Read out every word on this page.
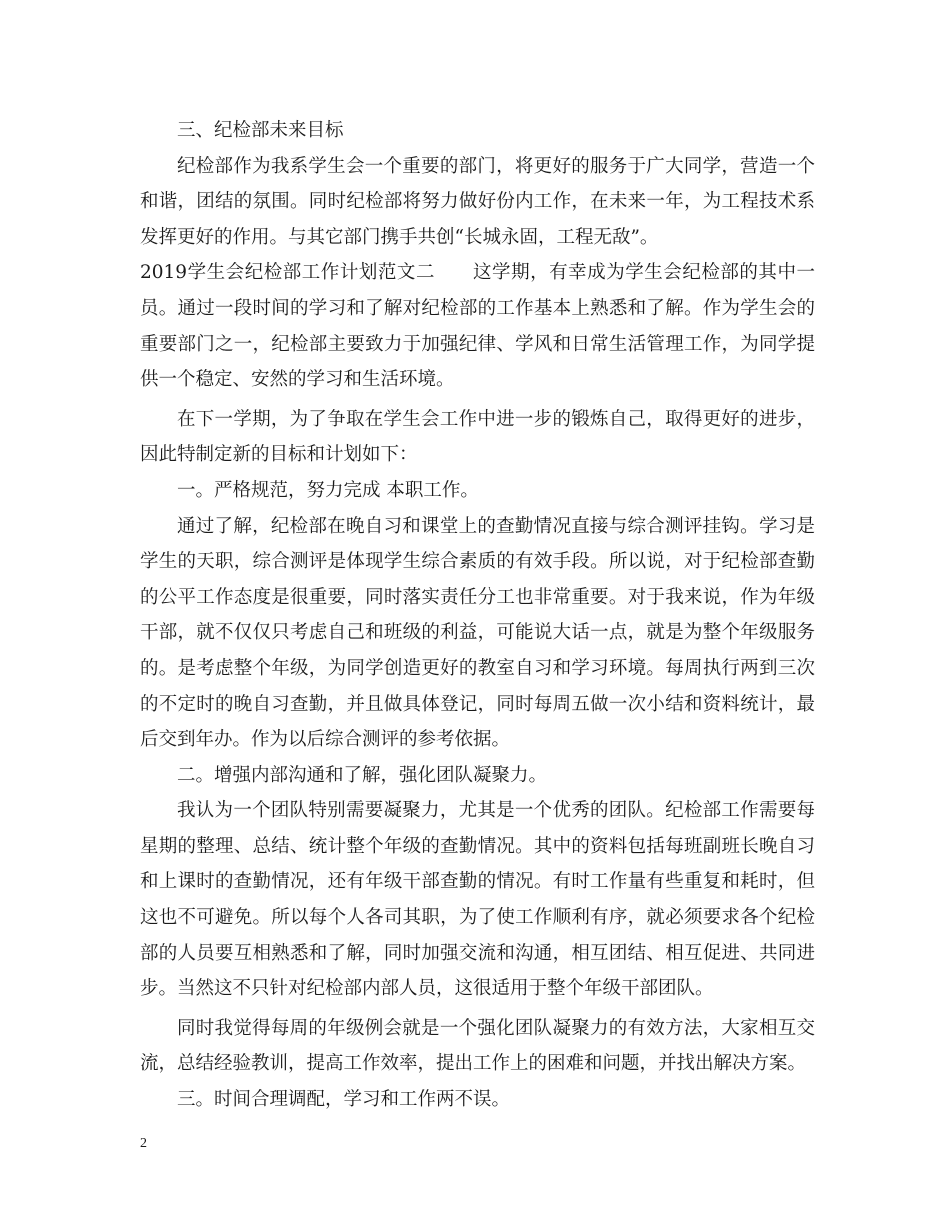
三、纪检部未来目标

纪检部作为我系学生会一个重要的部门，将更好的服务于广大同学，营造一个和谐，团结的氛围。同时纪检部将努力做好份内工作，在未来一年，为工程技术系发挥更好的作用。与其它部门携手共创“长城永固，工程无敌”。

2019学生会纪检部工作计划范文二　　这学期，有幸成为学生会纪检部的其中一员。通过一段时间的学习和了解对纪检部的工作基本上熟悉和了解。作为学生会的重要部门之一，纪检部主要致力于加强纪律、学风和日常生活管理工作，为同学提供一个稳定、安然的学习和生活环境。

在下一学期，为了争取在学生会工作中进一步的锻炼自己，取得更好的进步，因此特制定新的目标和计划如下：

一。严格规范，努力完成 本职工作。

通过了解，纪检部在晚自习和课堂上的查勤情况直接与综合测评挂钩。学习是学生的天职，综合测评是体现学生综合素质的有效手段。所以说，对于纪检部查勤的公平工作态度是很重要，同时落实责任分工也非常重要。对于我来说，作为年级干部，就不仅仅只考虑自己和班级的利益，可能说大话一点，就是为整个年级服务的。是考虑整个年级，为同学创造更好的教室自习和学习环境。每周执行两到三次的不定时的晚自习查勤，并且做具体登记，同时每周五做一次小结和资料统计，最后交到年办。作为以后综合测评的参考依据。

二。增强内部沟通和了解，强化团队凝聚力。

我认为一个团队特别需要凝聚力，尤其是一个优秀的团队。纪检部工作需要每星期的整理、总结、统计整个年级的查勤情况。其中的资料包括每班副班长晚自习和上课时的查勤情况，还有年级干部查勤的情况。有时工作量有些重复和耗时，但这也不可避免。所以每个人各司其职，为了使工作顺利有序，就必须要求各个纪检部的人员要互相熟悉和了解，同时加强交流和沟通，相互团结、相互促进、共同进步。当然这不只针对纪检部内部人员，这很适用于整个年级干部团队。

同时我觉得每周的年级例会就是一个强化团队凝聚力的有效方法，大家相互交流，总结经验教训，提高工作效率，提出工作上的困难和问题，并找出解决方案。

三。时间合理调配，学习和工作两不误。

2
